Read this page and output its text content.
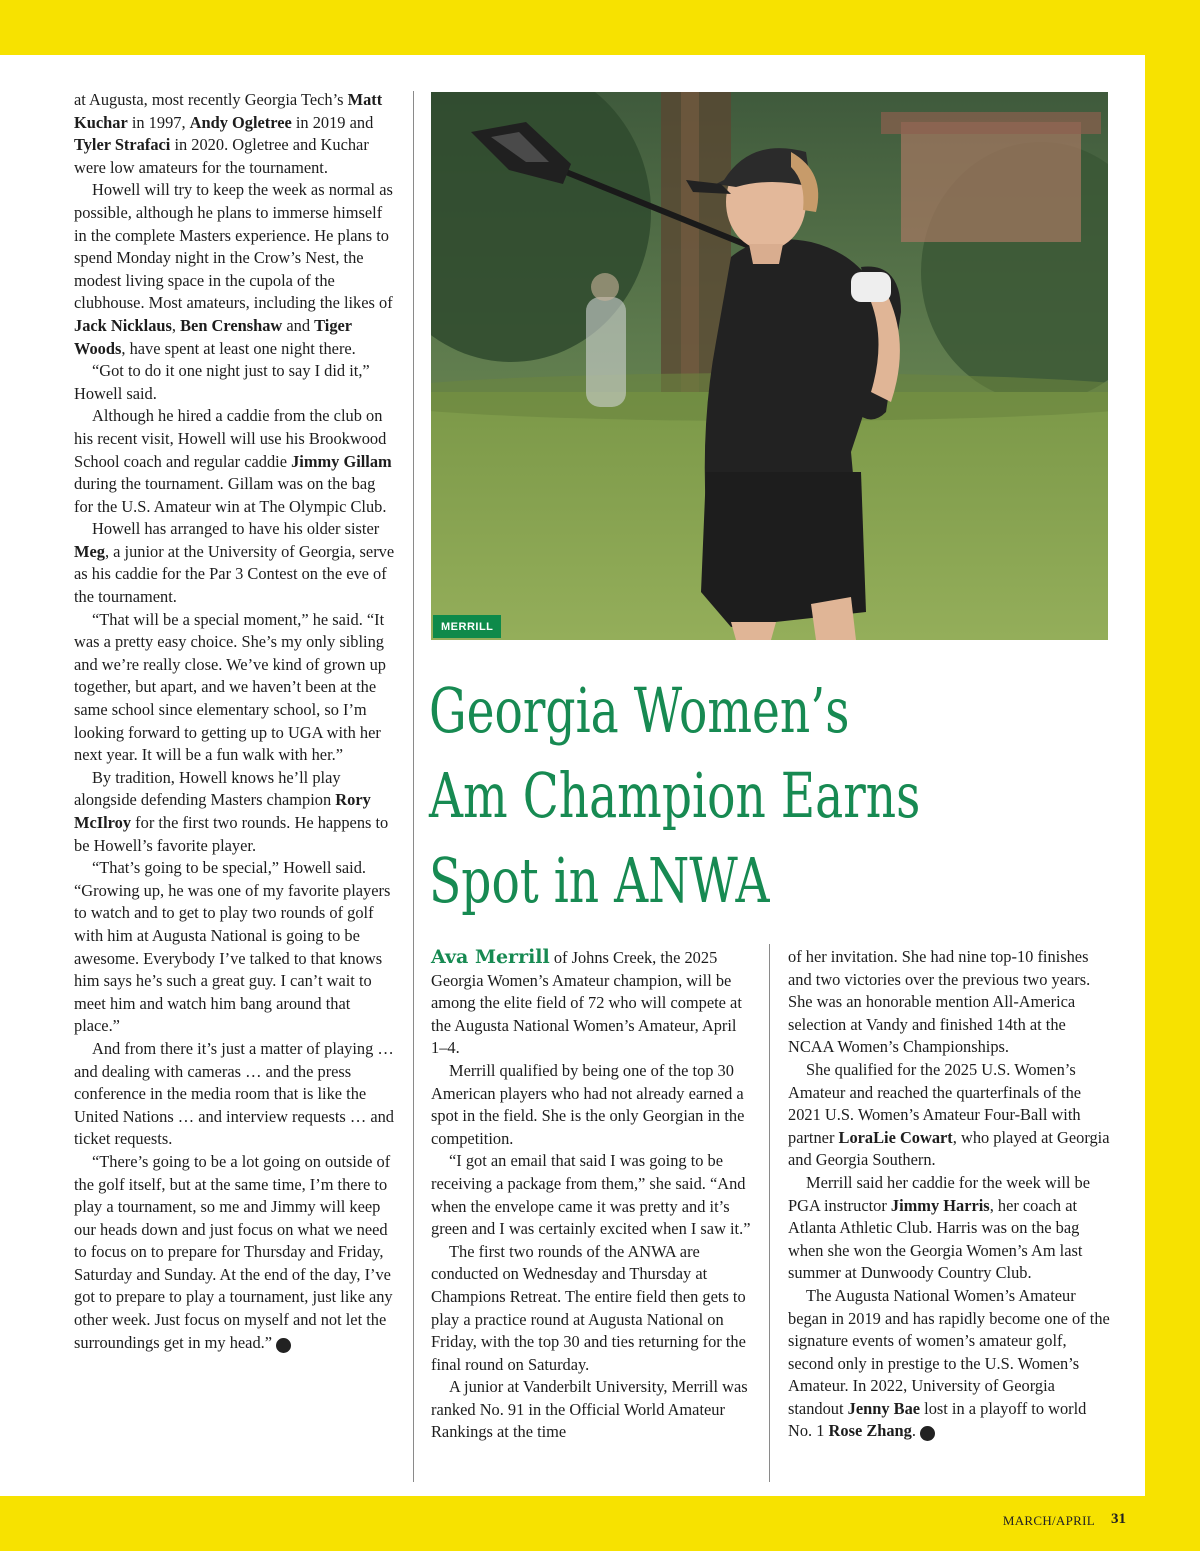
at Augusta, most recently Georgia Tech’s Matt Kuchar in 1997, Andy Ogletree in 2019 and Tyler Strafaci in 2020. Ogletree and Kuchar were low amateurs for the tournament.

Howell will try to keep the week as normal as possible, although he plans to immerse himself in the complete Masters experience. He plans to spend Monday night in the Crow’s Nest, the modest living space in the cupola of the clubhouse. Most amateurs, including the likes of Jack Nicklaus, Ben Crenshaw and Tiger Woods, have spent at least one night there.

“Got to do it one night just to say I did it,” Howell said.

Although he hired a caddie from the club on his recent visit, Howell will use his Brookwood School coach and regular caddie Jimmy Gillam during the tournament. Gillam was on the bag for the U.S. Amateur win at The Olympic Club.

Howell has arranged to have his older sister Meg, a junior at the University of Georgia, serve as his caddie for the Par 3 Contest on the eve of the tournament.

“That will be a special moment,” he said. “It was a pretty easy choice. She’s my only sibling and we’re really close. We’ve kind of grown up together, but apart, and we haven’t been at the same school since elementary school, so I’m looking forward to getting up to UGA with her next year. It will be a fun walk with her.”

By tradition, Howell knows he’ll play alongside defending Masters champion Rory McIlroy for the first two rounds. He happens to be Howell’s favorite player.

“That’s going to be special,” Howell said. “Growing up, he was one of my favorite players to watch and to get to play two rounds of golf with him at Augusta National is going to be awesome. Everybody I’ve talked to that knows him says he’s such a great guy. I can’t wait to meet him and watch him bang around that place.”

And from there it’s just a matter of playing … and dealing with cameras … and the press conference in the media room that is like the United Nations … and interview requests … and ticket requests.

“There’s going to be a lot going on outside of the golf itself, but at the same time, I’m there to play a tournament, so me and Jimmy will keep our heads down and just focus on what we need to focus on to prepare for Thursday and Friday, Saturday and Sunday. At the end of the day, I’ve got to prepare to play a tournament, just like any other week. Just focus on myself and not let the surroundings get in my head.”	GG

MERRILL
Georgia Women’s
Am Champion Earns
Spot in ANWA

Ava Merrill of Johns Creek, the 2025 Georgia Women’s Amateur champion, will be among the elite field of 72 who will compete at the Augusta National Women’s Amateur, April 1–4.

Merrill qualified by being one of the top 30 American players who had not already earned a spot in the field. She is the only Georgian in the competition.

“I got an email that said I was going to be receiving a package from them,” she said. “And when the envelope came it was pretty and it’s green and I was certainly excited when I saw it.”

The first two rounds of the ANWA are conducted on Wednesday and Thursday at Champions Retreat. The entire field then gets to play a practice round at Augusta National on Friday, with the top 30 and ties returning for the final round on Saturday.

A junior at Vanderbilt University, Merrill was ranked No. 91 in the Official World Amateur Rankings at the time

of her invitation. She had nine top-10 finishes and two victories over the previous two years. She was an honorable mention All-America selection at Vandy and finished 14th at the NCAA Women’s Championships.

She qualified for the 2025 U.S. Women’s Amateur and reached the quarterfinals of the 2021 U.S. Women’s Amateur Four-Ball with partner LoraLie Cowart, who played at Georgia and Georgia Southern.

Merrill said her caddie for the week will be PGA instructor Jimmy Harris, her coach at Atlanta Athletic Club. Harris was on the bag when she won the Georgia Women’s Am last summer at Dunwoody Country Club.

The Augusta National Women’s Amateur began in 2019 and has rapidly become one of the signature events of women’s amateur golf, second only in prestige to the U.S. Women’s Amateur. In 2022, University of Georgia standout Jenny Bae lost in a playoff to world No. 1 Rose Zhang.	GG

MARCH/APRIL 31
